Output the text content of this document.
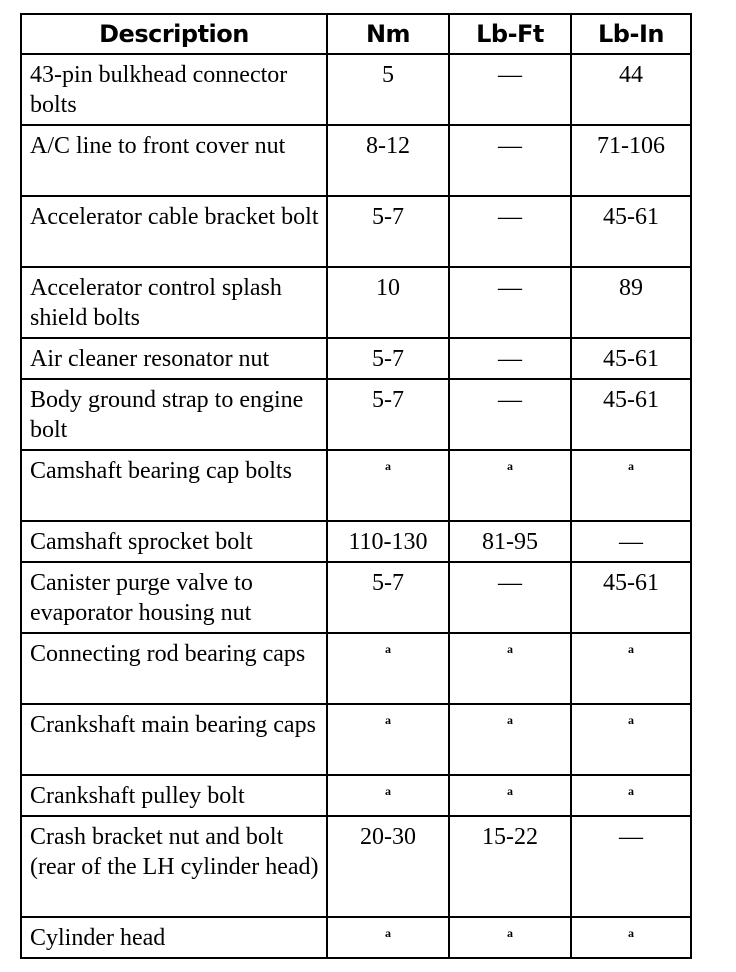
Description	Nm	Lb-Ft	Lb-In
43-pin bulkhead connector bolts	5	—	44
A/C line to front cover nut	8-12	—	71-106
Accelerator cable bracket bolt	5-7	—	45-61
Accelerator control splash shield bolts	10	—	89
Air cleaner resonator nut	5-7	—	45-61
Body ground strap to engine bolt	5-7	—	45-61
Camshaft bearing cap bolts	a	a	a
Camshaft sprocket bolt	110-130	81-95	—
Canister purge valve to evaporator housing nut	5-7	—	45-61
Connecting rod bearing caps	a	a	a
Crankshaft main bearing caps	a	a	a
Crankshaft pulley bolt	a	a	a
Crash bracket nut and bolt (rear of the LH cylinder head)	20-30	15-22	—
Cylinder head	a	a	a
